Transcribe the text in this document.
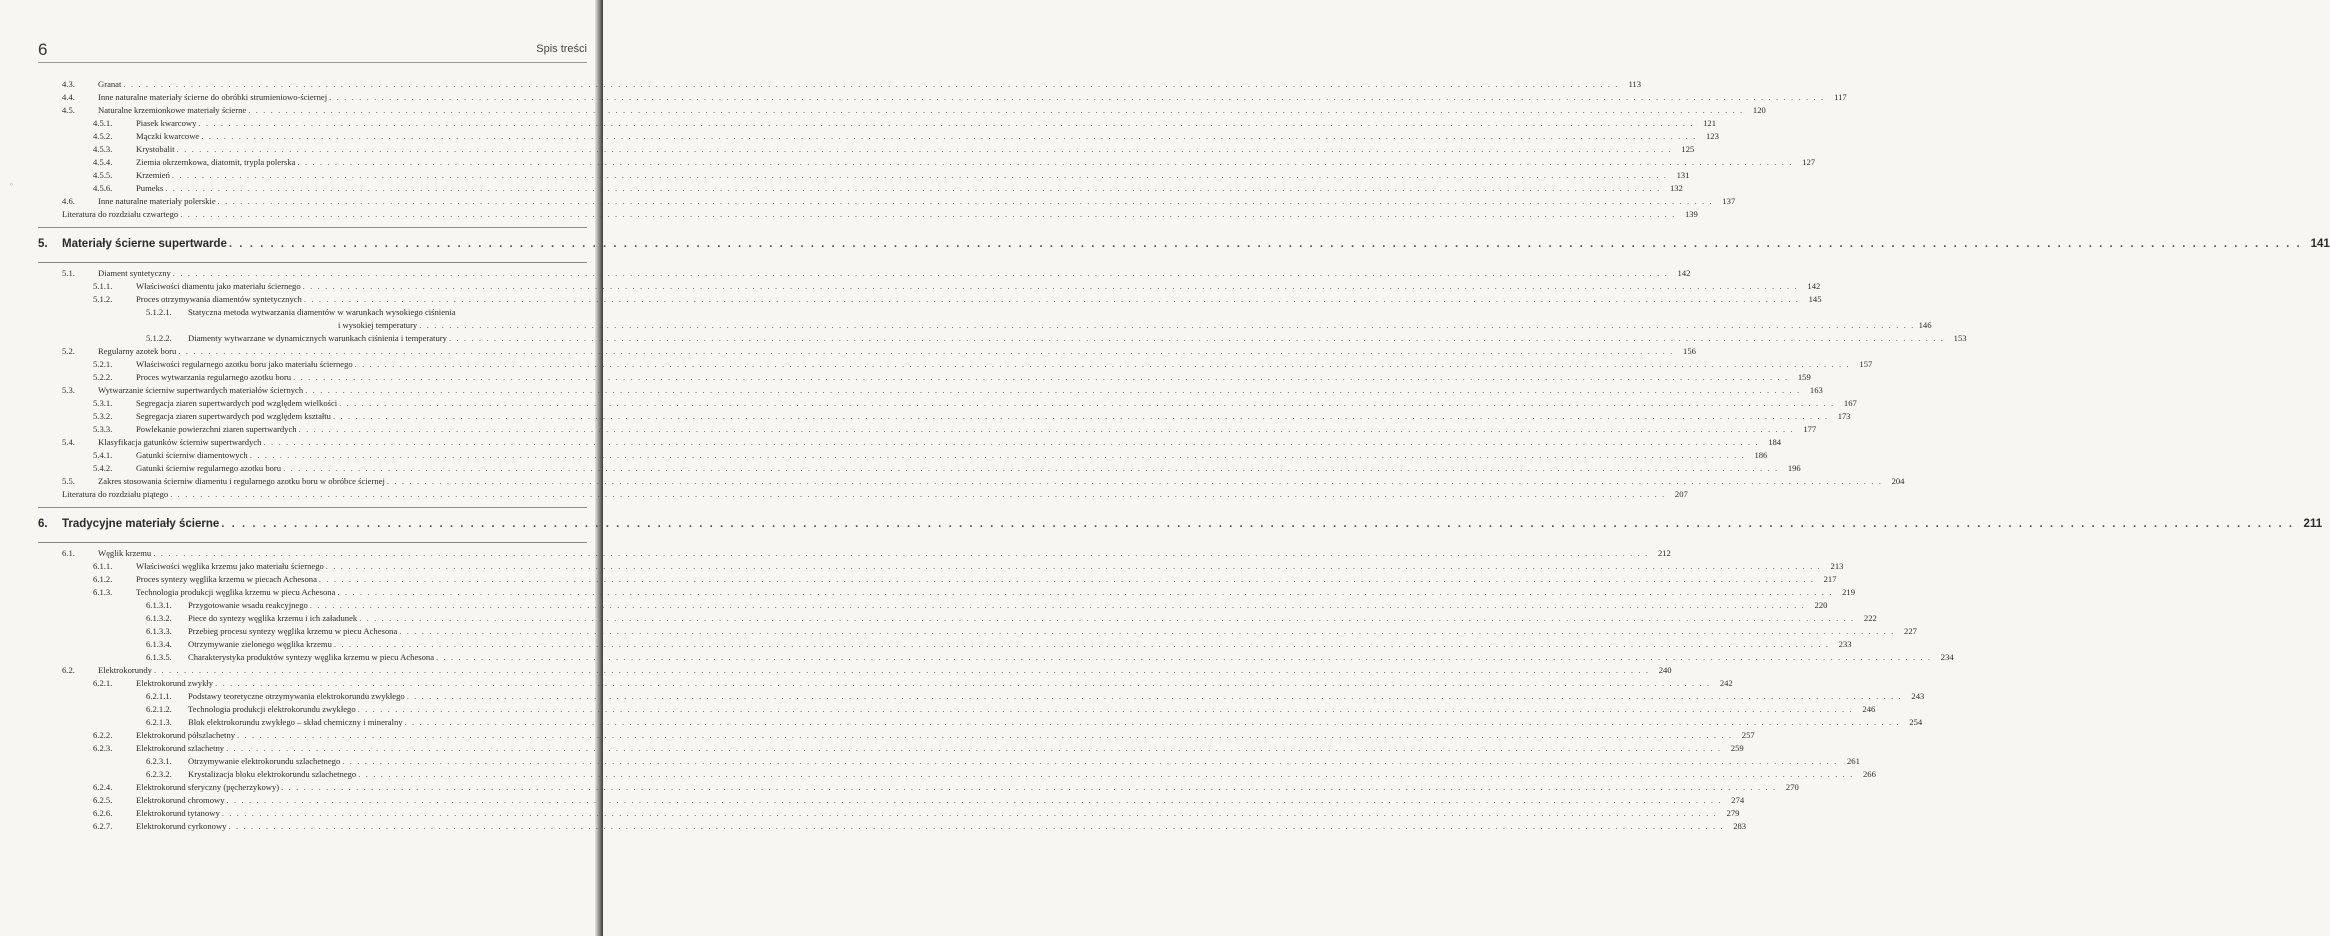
°
6	Spis treści
4.3.	Granat . . . . . . . . . . . . . . . . . . . . . . . . . . . . . . . . . . . . . . . . . . . . . . . . . . . . . . . . . . . . . . . . . . . . . . . . . . . . . . . . . . . . . . . . . . . . . . . . . . . . . . . . . . . . . . . . . . . . . . . . . . . . . . . . . . . . . . . . . . . . . . . . . . . . . . . . . . . . . . . . . . . . . . . . . . . . . . . . . . . . . . . . . . . . . . . . . . . . . . . .	113
4.4.	Inne naturalne materiały ścierne do obróbki strumieniowo-ściernej . . . . . . . . . . . . . . . . . . . . . . . . . . . . . . . . . . . . . . . . . . . . . . . . . . . . . . . . . . . . . . . . . . . . . . . . . . . . . . . . . . . . . . . . . . . . . . . . . . . . . . . . . . . . . . . . . . . . . . . . . . . . . . . . . . . . . . . . . . . . . . . . . . . . . . . . . . . . . . . . . . . . . . . . . . . . . . . . . . . . . . . . . . . . . . . . . . . . . . . .	117
4.5.	Naturalne krzemionkowe materiały ścierne . . . . . . . . . . . . . . . . . . . . . . . . . . . . . . . . . . . . . . . . . . . . . . . . . . . . . . . . . . . . . . . . . . . . . . . . . . . . . . . . . . . . . . . . . . . . . . . . . . . . . . . . . . . . . . . . . . . . . . . . . . . . . . . . . . . . . . . . . . . . . . . . . . . . . . . . . . . . . . . . . . . . . . . . . . . . . . . . . . . . . . . . . . . . . . . . . . . . . . . .	120
4.5.1.	Piasek kwarcowy . . . . . . . . . . . . . . . . . . . . . . . . . . . . . . . . . . . . . . . . . . . . . . . . . . . . . . . . . . . . . . . . . . . . . . . . . . . . . . . . . . . . . . . . . . . . . . . . . . . . . . . . . . . . . . . . . . . . . . . . . . . . . . . . . . . . . . . . . . . . . . . . . . . . . . . . . . . . . . . . . . . . . . . . . . . . . . . . . . . . . . . . . . . . . . . . . . . . . . . .	121
4.5.2.	Mączki kwarcowe . . . . . . . . . . . . . . . . . . . . . . . . . . . . . . . . . . . . . . . . . . . . . . . . . . . . . . . . . . . . . . . . . . . . . . . . . . . . . . . . . . . . . . . . . . . . . . . . . . . . . . . . . . . . . . . . . . . . . . . . . . . . . . . . . . . . . . . . . . . . . . . . . . . . . . . . . . . . . . . . . . . . . . . . . . . . . . . . . . . . . . . . . . . . . . . . . . . . . . . .	123
4.5.3.	Krystobalit . . . . . . . . . . . . . . . . . . . . . . . . . . . . . . . . . . . . . . . . . . . . . . . . . . . . . . . . . . . . . . . . . . . . . . . . . . . . . . . . . . . . . . . . . . . . . . . . . . . . . . . . . . . . . . . . . . . . . . . . . . . . . . . . . . . . . . . . . . . . . . . . . . . . . . . . . . . . . . . . . . . . . . . . . . . . . . . . . . . . . . . . . . . . . . . . . . . . . . . .	125
4.5.4.	Ziemia okrzemkowa, diatomit, trypla polerska . . . . . . . . . . . . . . . . . . . . . . . . . . . . . . . . . . . . . . . . . . . . . . . . . . . . . . . . . . . . . . . . . . . . . . . . . . . . . . . . . . . . . . . . . . . . . . . . . . . . . . . . . . . . . . . . . . . . . . . . . . . . . . . . . . . . . . . . . . . . . . . . . . . . . . . . . . . . . . . . . . . . . . . . . . . . . . . . . . . . . . . . . . . . . . . . . . . . . . . .	127
4.5.5.	Krzemień . . . . . . . . . . . . . . . . . . . . . . . . . . . . . . . . . . . . . . . . . . . . . . . . . . . . . . . . . . . . . . . . . . . . . . . . . . . . . . . . . . . . . . . . . . . . . . . . . . . . . . . . . . . . . . . . . . . . . . . . . . . . . . . . . . . . . . . . . . . . . . . . . . . . . . . . . . . . . . . . . . . . . . . . . . . . . . . . . . . . . . . . . . . . . . . . . . . . . . . .	131
4.5.6.	Pumeks . . . . . . . . . . . . . . . . . . . . . . . . . . . . . . . . . . . . . . . . . . . . . . . . . . . . . . . . . . . . . . . . . . . . . . . . . . . . . . . . . . . . . . . . . . . . . . . . . . . . . . . . . . . . . . . . . . . . . . . . . . . . . . . . . . . . . . . . . . . . . . . . . . . . . . . . . . . . . . . . . . . . . . . . . . . . . . . . . . . . . . . . . . . . . . . . . . . . . . . .	132
4.6.	Inne naturalne materiały polerskie . . . . . . . . . . . . . . . . . . . . . . . . . . . . . . . . . . . . . . . . . . . . . . . . . . . . . . . . . . . . . . . . . . . . . . . . . . . . . . . . . . . . . . . . . . . . . . . . . . . . . . . . . . . . . . . . . . . . . . . . . . . . . . . . . . . . . . . . . . . . . . . . . . . . . . . . . . . . . . . . . . . . . . . . . . . . . . . . . . . . . . . . . . . . . . . . . . . . . . . .	137
Literatura do rozdziału czwartego . . . . . . . . . . . . . . . . . . . . . . . . . . . . . . . . . . . . . . . . . . . . . . . . . . . . . . . . . . . . . . . . . . . . . . . . . . . . . . . . . . . . . . . . . . . . . . . . . . . . . . . . . . . . . . . . . . . . . . . . . . . . . . . . . . . . . . . . . . . . . . . . . . . . . . . . . . . . . . . . . . . . . . . . . . . . . . . . . . . . . . . . . . . . . . . . . . . . . . . .	139
5. Materiały ścierne supertwarde . . . . . . . . . . . . . . . . . . . . . . . . . . . . . . . . . . . . . . . . . . . . . . . . . . . . . . . . . . . . . . . . . . . . . . . . . . . . . . . . . . . . . . . . . . . . . . . . . . . . . . . . . . . . . . . . . . . . . . . . . . . . . . . . . . . . . . . . . . . . . . . . . . . . . . . . . . . . . . . . . . . . . . . . . . . . . . . . . . . . . . . . . . . . . . . . . . . . . . . . 141
5.1.	Diament syntetyczny . . . . . . . . . . . . . . . . . . . . . . . . . . . . . . . . . . . . . . . . . . . . . . . . . . . . . . . . . . . . . . . . . . . . . . . . . . . . . . . . . . . . . . . . . . . . . . . . . . . . . . . . . . . . . . . . . . . . . . . . . . . . . . . . . . . . . . . . . . . . . . . . . . . . . . . . . . . . . . . . . . . . . . . . . . . . . . . . . . . . . . . . . . . . . . . . . . . . . . . .	142
5.1.1.	Właściwości diamentu jako materiału ściernego . . . . . . . . . . . . . . . . . . . . . . . . . . . . . . . . . . . . . . . . . . . . . . . . . . . . . . . . . . . . . . . . . . . . . . . . . . . . . . . . . . . . . . . . . . . . . . . . . . . . . . . . . . . . . . . . . . . . . . . . . . . . . . . . . . . . . . . . . . . . . . . . . . . . . . . . . . . . . . . . . . . . . . . . . . . . . . . . . . . . . . . . . . . . . . . . . . . . . . . .	142
5.1.2.	Proces otrzymywania diamentów syntetycznych . . . . . . . . . . . . . . . . . . . . . . . . . . . . . . . . . . . . . . . . . . . . . . . . . . . . . . . . . . . . . . . . . . . . . . . . . . . . . . . . . . . . . . . . . . . . . . . . . . . . . . . . . . . . . . . . . . . . . . . . . . . . . . . . . . . . . . . . . . . . . . . . . . . . . . . . . . . . . . . . . . . . . . . . . . . . . . . . . . . . . . . . . . . . . . . . . . . . . . . .	145
5.1.2.1. Statyczna metoda wytwarzania diamentów w warunkach wysokiego ciśnienia
i wysokiej temperatury . . . . . . . . . . . . . . . . . . . . . . . . . . . . . . . . . . . . . . . . . . . . . . . . . . . . . . . . . . . . . . . . . . . . . . . . . . . . . . . . . . . . . . . . . . . . . . . . . . . . . . . . . . . . . . . . . . . . . . . . . . . . . . . . . . . . . . . . . . . . . . . . . . . . . . . . . . . . . . . . . . . . . . . . . . . . . . . . . . . . . . . . . . . . . . . . . . . . . . . . 146
5.1.2.2. Diamenty wytwarzane w dynamicznych warunkach ciśnienia i temperatury . . . . . . . . . . . . . . . . . . . . . . . . . . . . . . . . . . . . . . . . . . . . . . . . . . . . . . . . . . . . . . . . . . . . . . . . . . . . . . . . . . . . . . . . . . . . . . . . . . . . . . . . . . . . . . . . . . . . . . . . . . . . . . . . . . . . . . . . . . . . . . . . . . . . . . . . . . . . . . . . . . . . . . . . . . . . . . . . . . . . . . . . . . . . . . . . . . . . . . . .	153
5.2.	Regularny azotek boru . . . . . . . . . . . . . . . . . . . . . . . . . . . . . . . . . . . . . . . . . . . . . . . . . . . . . . . . . . . . . . . . . . . . . . . . . . . . . . . . . . . . . . . . . . . . . . . . . . . . . . . . . . . . . . . . . . . . . . . . . . . . . . . . . . . . . . . . . . . . . . . . . . . . . . . . . . . . . . . . . . . . . . . . . . . . . . . . . . . . . . . . . . . . . . . . . . . . . . . .	156
5.2.1.	Właściwości regularnego azotku boru jako materiału ściernego . . . . . . . . . . . . . . . . . . . . . . . . . . . . . . . . . . . . . . . . . . . . . . . . . . . . . . . . . . . . . . . . . . . . . . . . . . . . . . . . . . . . . . . . . . . . . . . . . . . . . . . . . . . . . . . . . . . . . . . . . . . . . . . . . . . . . . . . . . . . . . . . . . . . . . . . . . . . . . . . . . . . . . . . . . . . . . . . . . . . . . . . . . . . . . . . . . . . . . . .	157
5.2.2.	Proces wytwarzania regularnego azotku boru . . . . . . . . . . . . . . . . . . . . . . . . . . . . . . . . . . . . . . . . . . . . . . . . . . . . . . . . . . . . . . . . . . . . . . . . . . . . . . . . . . . . . . . . . . . . . . . . . . . . . . . . . . . . . . . . . . . . . . . . . . . . . . . . . . . . . . . . . . . . . . . . . . . . . . . . . . . . . . . . . . . . . . . . . . . . . . . . . . . . . . . . . . . . . . . . . . . . . . . .	159
5.3.	Wytwarzanie ścierniw supertwardych materiałów ściernych . . . . . . . . . . . . . . . . . . . . . . . . . . . . . . . . . . . . . . . . . . . . . . . . . . . . . . . . . . . . . . . . . . . . . . . . . . . . . . . . . . . . . . . . . . . . . . . . . . . . . . . . . . . . . . . . . . . . . . . . . . . . . . . . . . . . . . . . . . . . . . . . . . . . . . . . . . . . . . . . . . . . . . . . . . . . . . . . . . . . . . . . . . . . . . . . . . . . . . . .	163
5.3.1.	Segregacja ziaren supertwardych pod względem wielkości . . . . . . . . . . . . . . . . . . . . . . . . . . . . . . . . . . . . . . . . . . . . . . . . . . . . . . . . . . . . . . . . . . . . . . . . . . . . . . . . . . . . . . . . . . . . . . . . . . . . . . . . . . . . . . . . . . . . . . . . . . . . . . . . . . . . . . . . . . . . . . . . . . . . . . . . . . . . . . . . . . . . . . . . . . . . . . . . . . . . . . . . . . . . . . . . . . . . . . . .	167
5.3.2.	Segregacja ziaren supertwardych pod względem kształtu . . . . . . . . . . . . . . . . . . . . . . . . . . . . . . . . . . . . . . . . . . . . . . . . . . . . . . . . . . . . . . . . . . . . . . . . . . . . . . . . . . . . . . . . . . . . . . . . . . . . . . . . . . . . . . . . . . . . . . . . . . . . . . . . . . . . . . . . . . . . . . . . . . . . . . . . . . . . . . . . . . . . . . . . . . . . . . . . . . . . . . . . . . . . . . . . . . . . . . . .	173
5.3.3.	Powlekanie powierzchni ziaren supertwardych . . . . . . . . . . . . . . . . . . . . . . . . . . . . . . . . . . . . . . . . . . . . . . . . . . . . . . . . . . . . . . . . . . . . . . . . . . . . . . . . . . . . . . . . . . . . . . . . . . . . . . . . . . . . . . . . . . . . . . . . . . . . . . . . . . . . . . . . . . . . . . . . . . . . . . . . . . . . . . . . . . . . . . . . . . . . . . . . . . . . . . . . . . . . . . . . . . . . . . . .	177
5.4.	Klasyfikacja gatunków ścierniw supertwardych . . . . . . . . . . . . . . . . . . . . . . . . . . . . . . . . . . . . . . . . . . . . . . . . . . . . . . . . . . . . . . . . . . . . . . . . . . . . . . . . . . . . . . . . . . . . . . . . . . . . . . . . . . . . . . . . . . . . . . . . . . . . . . . . . . . . . . . . . . . . . . . . . . . . . . . . . . . . . . . . . . . . . . . . . . . . . . . . . . . . . . . . . . . . . . . . . . . . . . . .	184
5.4.1.	Gatunki ścierniw diamentowych . . . . . . . . . . . . . . . . . . . . . . . . . . . . . . . . . . . . . . . . . . . . . . . . . . . . . . . . . . . . . . . . . . . . . . . . . . . . . . . . . . . . . . . . . . . . . . . . . . . . . . . . . . . . . . . . . . . . . . . . . . . . . . . . . . . . . . . . . . . . . . . . . . . . . . . . . . . . . . . . . . . . . . . . . . . . . . . . . . . . . . . . . . . . . . . . . . . . . . . .	186
5.4.2.	Gatunki ścierniw regularnego azotku boru . . . . . . . . . . . . . . . . . . . . . . . . . . . . . . . . . . . . . . . . . . . . . . . . . . . . . . . . . . . . . . . . . . . . . . . . . . . . . . . . . . . . . . . . . . . . . . . . . . . . . . . . . . . . . . . . . . . . . . . . . . . . . . . . . . . . . . . . . . . . . . . . . . . . . . . . . . . . . . . . . . . . . . . . . . . . . . . . . . . . . . . . . . . . . . . . . . . . . . . .	196
5.5.	Zakres stosowania ścierniw diamentu i regularnego azotku boru w obróbce ściernej . . . . . . . . . . . . . . . . . . . . . . . . . . . . . . . . . . . . . . . . . . . . . . . . . . . . . . . . . . . . . . . . . . . . . . . . . . . . . . . . . . . . . . . . . . . . . . . . . . . . . . . . . . . . . . . . . . . . . . . . . . . . . . . . . . . . . . . . . . . . . . . . . . . . . . . . . . . . . . . . . . . . . . . . . . . . . . . . . . . . . . . . . . . . . . . . . . . . . . . .	204
Literatura do rozdziału piątego . . . . . . . . . . . . . . . . . . . . . . . . . . . . . . . . . . . . . . . . . . . . . . . . . . . . . . . . . . . . . . . . . . . . . . . . . . . . . . . . . . . . . . . . . . . . . . . . . . . . . . . . . . . . . . . . . . . . . . . . . . . . . . . . . . . . . . . . . . . . . . . . . . . . . . . . . . . . . . . . . . . . . . . . . . . . . . . . . . . . . . . . . . . . . . . . . . . . . . . .	207
6. Tradycyjne materiały ścierne . . . . . . . . . . . . . . . . . . . . . . . . . . . . . . . . . . . . . . . . . . . . . . . . . . . . . . . . . . . . . . . . . . . . . . . . . . . . . . . . . . . . . . . . . . . . . . . . . . . . . . . . . . . . . . . . . . . . . . . . . . . . . . . . . . . . . . . . . . . . . . . . . . . . . . . . . . . . . . . . . . . . . . . . . . . . . . . . . . . . . . . . . . . . . . . . . . . . . . . . 211
6.1.	Węglik krzemu . . . . . . . . . . . . . . . . . . . . . . . . . . . . . . . . . . . . . . . . . . . . . . . . . . . . . . . . . . . . . . . . . . . . . . . . . . . . . . . . . . . . . . . . . . . . . . . . . . . . . . . . . . . . . . . . . . . . . . . . . . . . . . . . . . . . . . . . . . . . . . . . . . . . . . . . . . . . . . . . . . . . . . . . . . . . . . . . . . . . . . . . . . . . . . . . . . . . . . . .	212
6.1.1.	Właściwości węglika krzemu jako materiału ściernego . . . . . . . . . . . . . . . . . . . . . . . . . . . . . . . . . . . . . . . . . . . . . . . . . . . . . . . . . . . . . . . . . . . . . . . . . . . . . . . . . . . . . . . . . . . . . . . . . . . . . . . . . . . . . . . . . . . . . . . . . . . . . . . . . . . . . . . . . . . . . . . . . . . . . . . . . . . . . . . . . . . . . . . . . . . . . . . . . . . . . . . . . . . . . . . . . . . . . . . .	213
6.1.2.	Proces syntezy węglika krzemu w piecach Achesona . . . . . . . . . . . . . . . . . . . . . . . . . . . . . . . . . . . . . . . . . . . . . . . . . . . . . . . . . . . . . . . . . . . . . . . . . . . . . . . . . . . . . . . . . . . . . . . . . . . . . . . . . . . . . . . . . . . . . . . . . . . . . . . . . . . . . . . . . . . . . . . . . . . . . . . . . . . . . . . . . . . . . . . . . . . . . . . . . . . . . . . . . . . . . . . . . . . . . . . .	217
6.1.3.	Technologia produkcji węglika krzemu w piecu Achesona . . . . . . . . . . . . . . . . . . . . . . . . . . . . . . . . . . . . . . . . . . . . . . . . . . . . . . . . . . . . . . . . . . . . . . . . . . . . . . . . . . . . . . . . . . . . . . . . . . . . . . . . . . . . . . . . . . . . . . . . . . . . . . . . . . . . . . . . . . . . . . . . . . . . . . . . . . . . . . . . . . . . . . . . . . . . . . . . . . . . . . . . . . . . . . . . . . . . . . . .	219
6.1.3.1. Przygotowanie wsadu reakcyjnego . . . . . . . . . . . . . . . . . . . . . . . . . . . . . . . . . . . . . . . . . . . . . . . . . . . . . . . . . . . . . . . . . . . . . . . . . . . . . . . . . . . . . . . . . . . . . . . . . . . . . . . . . . . . . . . . . . . . . . . . . . . . . . . . . . . . . . . . . . . . . . . . . . . . . . . . . . . . . . . . . . . . . . . . . . . . . . . . . . . . . . . . . . . . . . . . . . . . . . . .	220
6.1.3.2. Piece do syntezy węglika krzemu i ich załadunek . . . . . . . . . . . . . . . . . . . . . . . . . . . . . . . . . . . . . . . . . . . . . . . . . . . . . . . . . . . . . . . . . . . . . . . . . . . . . . . . . . . . . . . . . . . . . . . . . . . . . . . . . . . . . . . . . . . . . . . . . . . . . . . . . . . . . . . . . . . . . . . . . . . . . . . . . . . . . . . . . . . . . . . . . . . . . . . . . . . . . . . . . . . . . . . . . . . . . . . .	222
6.1.3.3. Przebieg procesu syntezy węglika krzemu w piecu Achesona . . . . . . . . . . . . . . . . . . . . . . . . . . . . . . . . . . . . . . . . . . . . . . . . . . . . . . . . . . . . . . . . . . . . . . . . . . . . . . . . . . . . . . . . . . . . . . . . . . . . . . . . . . . . . . . . . . . . . . . . . . . . . . . . . . . . . . . . . . . . . . . . . . . . . . . . . . . . . . . . . . . . . . . . . . . . . . . . . . . . . . . . . . . . . . . . . . . . . . . .	227
6.1.3.4. Otrzymywanie zielonego węglika krzemu . . . . . . . . . . . . . . . . . . . . . . . . . . . . . . . . . . . . . . . . . . . . . . . . . . . . . . . . . . . . . . . . . . . . . . . . . . . . . . . . . . . . . . . . . . . . . . . . . . . . . . . . . . . . . . . . . . . . . . . . . . . . . . . . . . . . . . . . . . . . . . . . . . . . . . . . . . . . . . . . . . . . . . . . . . . . . . . . . . . . . . . . . . . . . . . . . . . . . . . .	233
6.1.3.5. Charakterystyka produktów syntezy węglika krzemu w piecu Achesona . . . . . . . . . . . . . . . . . . . . . . . . . . . . . . . . . . . . . . . . . . . . . . . . . . . . . . . . . . . . . . . . . . . . . . . . . . . . . . . . . . . . . . . . . . . . . . . . . . . . . . . . . . . . . . . . . . . . . . . . . . . . . . . . . . . . . . . . . . . . . . . . . . . . . . . . . . . . . . . . . . . . . . . . . . . . . . . . . . . . . . . . . . . . . . . . . . . . . . . .	234
6.2.	Elektrokorundy . . . . . . . . . . . . . . . . . . . . . . . . . . . . . . . . . . . . . . . . . . . . . . . . . . . . . . . . . . . . . . . . . . . . . . . . . . . . . . . . . . . . . . . . . . . . . . . . . . . . . . . . . . . . . . . . . . . . . . . . . . . . . . . . . . . . . . . . . . . . . . . . . . . . . . . . . . . . . . . . . . . . . . . . . . . . . . . . . . . . . . . . . . . . . . . . . . . . . . . .	240
6.2.1.	Elektrokorund zwykły . . . . . . . . . . . . . . . . . . . . . . . . . . . . . . . . . . . . . . . . . . . . . . . . . . . . . . . . . . . . . . . . . . . . . . . . . . . . . . . . . . . . . . . . . . . . . . . . . . . . . . . . . . . . . . . . . . . . . . . . . . . . . . . . . . . . . . . . . . . . . . . . . . . . . . . . . . . . . . . . . . . . . . . . . . . . . . . . . . . . . . . . . . . . . . . . . . . . . . . .	242
6.2.1.1. Podstawy teoretyczne otrzymywania elektrokorundu zwykłego . . . . . . . . . . . . . . . . . . . . . . . . . . . . . . . . . . . . . . . . . . . . . . . . . . . . . . . . . . . . . . . . . . . . . . . . . . . . . . . . . . . . . . . . . . . . . . . . . . . . . . . . . . . . . . . . . . . . . . . . . . . . . . . . . . . . . . . . . . . . . . . . . . . . . . . . . . . . . . . . . . . . . . . . . . . . . . . . . . . . . . . . . . . . . . . . . . . . . . . .	243
6.2.1.2. Technologia produkcji elektrokorundu zwykłego . . . . . . . . . . . . . . . . . . . . . . . . . . . . . . . . . . . . . . . . . . . . . . . . . . . . . . . . . . . . . . . . . . . . . . . . . . . . . . . . . . . . . . . . . . . . . . . . . . . . . . . . . . . . . . . . . . . . . . . . . . . . . . . . . . . . . . . . . . . . . . . . . . . . . . . . . . . . . . . . . . . . . . . . . . . . . . . . . . . . . . . . . . . . . . . . . . . . . . . .	246
6.2.1.3. Blok elektrokorundu zwykłego – skład chemiczny i mineralny . . . . . . . . . . . . . . . . . . . . . . . . . . . . . . . . . . . . . . . . . . . . . . . . . . . . . . . . . . . . . . . . . . . . . . . . . . . . . . . . . . . . . . . . . . . . . . . . . . . . . . . . . . . . . . . . . . . . . . . . . . . . . . . . . . . . . . . . . . . . . . . . . . . . . . . . . . . . . . . . . . . . . . . . . . . . . . . . . . . . . . . . . . . . . . . . . . . . . . . .	254
6.2.2.	Elektrokorund półszlachetny . . . . . . . . . . . . . . . . . . . . . . . . . . . . . . . . . . . . . . . . . . . . . . . . . . . . . . . . . . . . . . . . . . . . . . . . . . . . . . . . . . . . . . . . . . . . . . . . . . . . . . . . . . . . . . . . . . . . . . . . . . . . . . . . . . . . . . . . . . . . . . . . . . . . . . . . . . . . . . . . . . . . . . . . . . . . . . . . . . . . . . . . . . . . . . . . . . . . . . . .	257
6.2.3.	Elektrokorund szlachetny . . . . . . . . . . . . . . . . . . . . . . . . . . . . . . . . . . . . . . . . . . . . . . . . . . . . . . . . . . . . . . . . . . . . . . . . . . . . . . . . . . . . . . . . . . . . . . . . . . . . . . . . . . . . . . . . . . . . . . . . . . . . . . . . . . . . . . . . . . . . . . . . . . . . . . . . . . . . . . . . . . . . . . . . . . . . . . . . . . . . . . . . . . . . . . . . . . . . . . . .	259
6.2.3.1. Otrzymywanie elektrokorundu szlachetnego . . . . . . . . . . . . . . . . . . . . . . . . . . . . . . . . . . . . . . . . . . . . . . . . . . . . . . . . . . . . . . . . . . . . . . . . . . . . . . . . . . . . . . . . . . . . . . . . . . . . . . . . . . . . . . . . . . . . . . . . . . . . . . . . . . . . . . . . . . . . . . . . . . . . . . . . . . . . . . . . . . . . . . . . . . . . . . . . . . . . . . . . . . . . . . . . . . . . . . . .	261
6.2.3.2. Krystalizacja bloku elektrokorundu szlachetnego . . . . . . . . . . . . . . . . . . . . . . . . . . . . . . . . . . . . . . . . . . . . . . . . . . . . . . . . . . . . . . . . . . . . . . . . . . . . . . . . . . . . . . . . . . . . . . . . . . . . . . . . . . . . . . . . . . . . . . . . . . . . . . . . . . . . . . . . . . . . . . . . . . . . . . . . . . . . . . . . . . . . . . . . . . . . . . . . . . . . . . . . . . . . . . . . . . . . . . . .	266
6.2.4.	Elektrokorund sferyczny (pęcherzykowy) . . . . . . . . . . . . . . . . . . . . . . . . . . . . . . . . . . . . . . . . . . . . . . . . . . . . . . . . . . . . . . . . . . . . . . . . . . . . . . . . . . . . . . . . . . . . . . . . . . . . . . . . . . . . . . . . . . . . . . . . . . . . . . . . . . . . . . . . . . . . . . . . . . . . . . . . . . . . . . . . . . . . . . . . . . . . . . . . . . . . . . . . . . . . . . . . . . . . . . . .	270
6.2.5.	Elektrokorund chromowy . . . . . . . . . . . . . . . . . . . . . . . . . . . . . . . . . . . . . . . . . . . . . . . . . . . . . . . . . . . . . . . . . . . . . . . . . . . . . . . . . . . . . . . . . . . . . . . . . . . . . . . . . . . . . . . . . . . . . . . . . . . . . . . . . . . . . . . . . . . . . . . . . . . . . . . . . . . . . . . . . . . . . . . . . . . . . . . . . . . . . . . . . . . . . . . . . . . . . . . .	274
6.2.6.	Elektrokorund tytanowy . . . . . . . . . . . . . . . . . . . . . . . . . . . . . . . . . . . . . . . . . . . . . . . . . . . . . . . . . . . . . . . . . . . . . . . . . . . . . . . . . . . . . . . . . . . . . . . . . . . . . . . . . . . . . . . . . . . . . . . . . . . . . . . . . . . . . . . . . . . . . . . . . . . . . . . . . . . . . . . . . . . . . . . . . . . . . . . . . . . . . . . . . . . . . . . . . . . . . . . .	279
6.2.7.	Elektrokorund cyrkonowy . . . . . . . . . . . . . . . . . . . . . . . . . . . . . . . . . . . . . . . . . . . . . . . . . . . . . . . . . . . . . . . . . . . . . . . . . . . . . . . . . . . . . . . . . . . . . . . . . . . . . . . . . . . . . . . . . . . . . . . . . . . . . . . . . . . . . . . . . . . . . . . . . . . . . . . . . . . . . . . . . . . . . . . . . . . . . . . . . . . . . . . . . . . . . . . . . . . . . . . .	283
